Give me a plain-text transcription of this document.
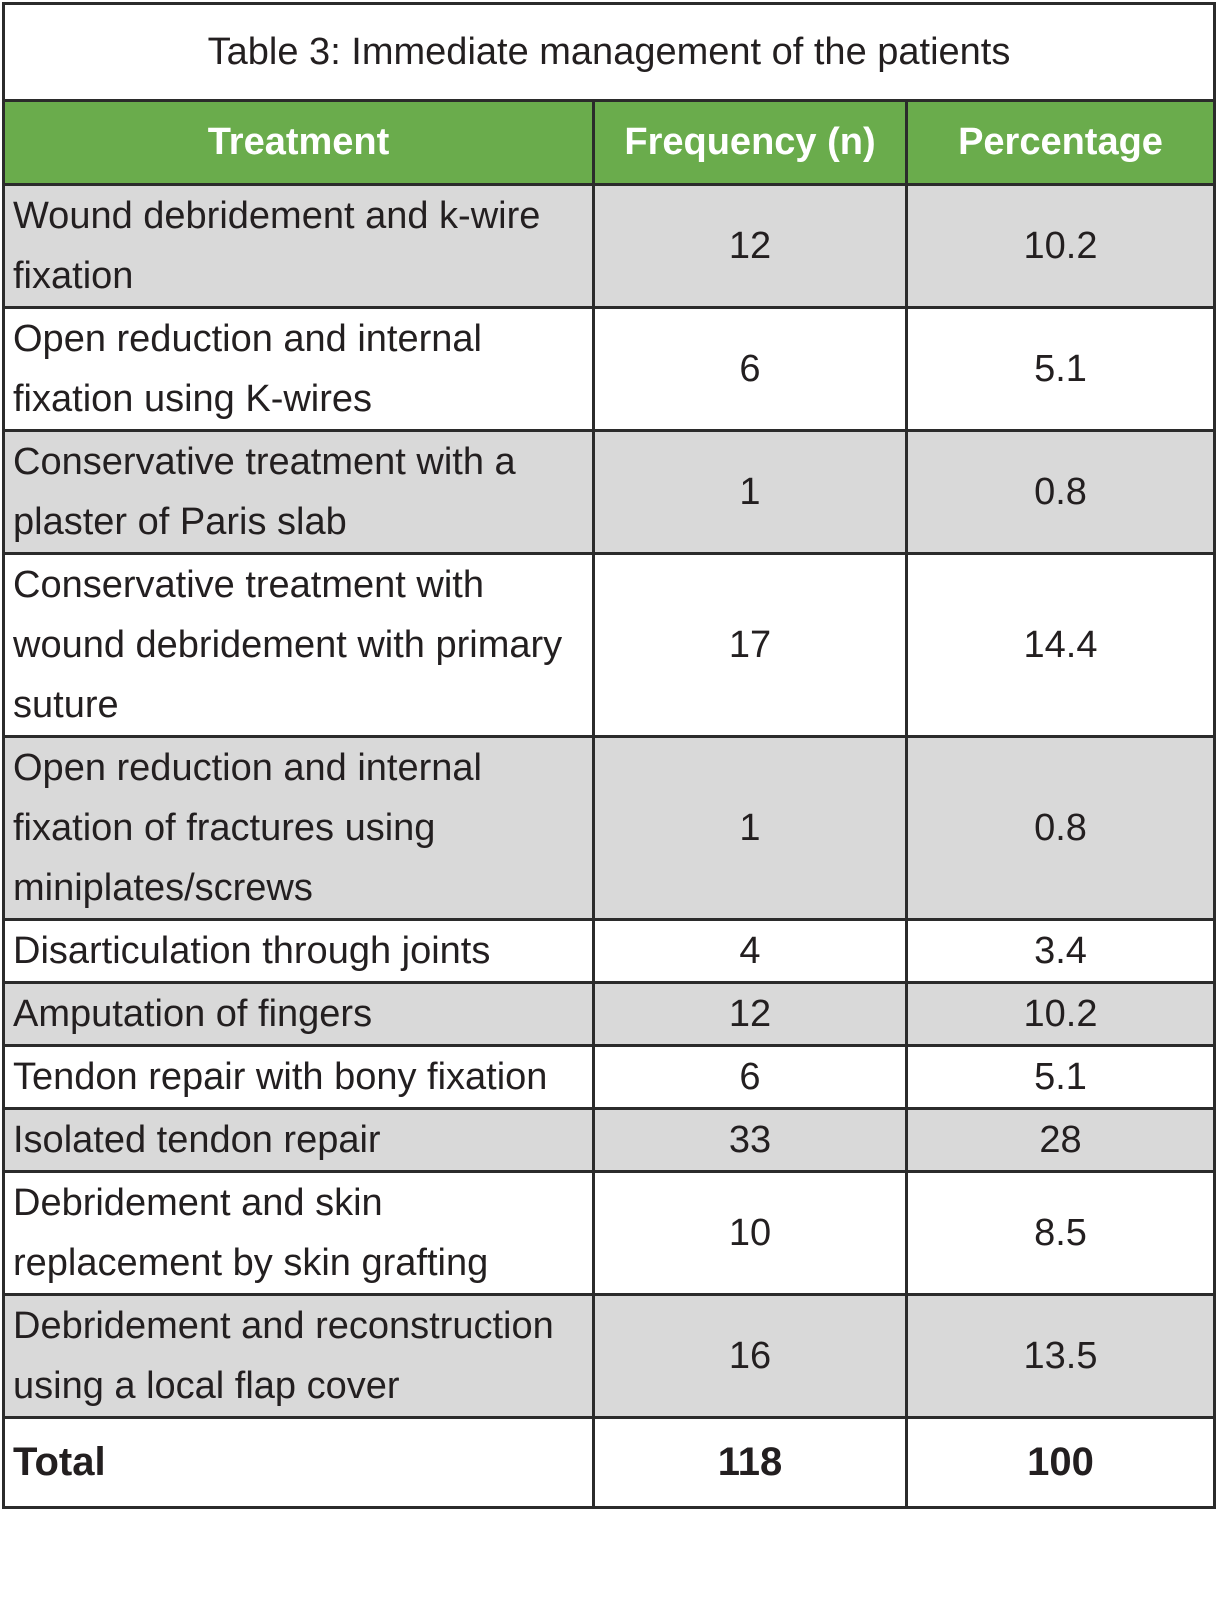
Table 3: Immediate management of the patients		
Treatment	Frequency (n)	Percentage
Wound debridement and k-wire fixation	12	10.2
Open reduction and internal fixation using K-wires	6	5.1
Conservative treatment with a plaster of Paris slab	1	0.8
Conservative treatment with wound debridement with primary suture	17	14.4
Open reduction and internal fixation of fractures using miniplates/screws	1	0.8
Disarticulation through joints	4	3.4
Amputation of fingers	12	10.2
Tendon repair with bony fixation	6	5.1
Isolated tendon repair	33	28
Debridement and skin replacement by skin grafting	10	8.5
Debridement and reconstruction using a local flap cover	16	13.5
Total	118	100
